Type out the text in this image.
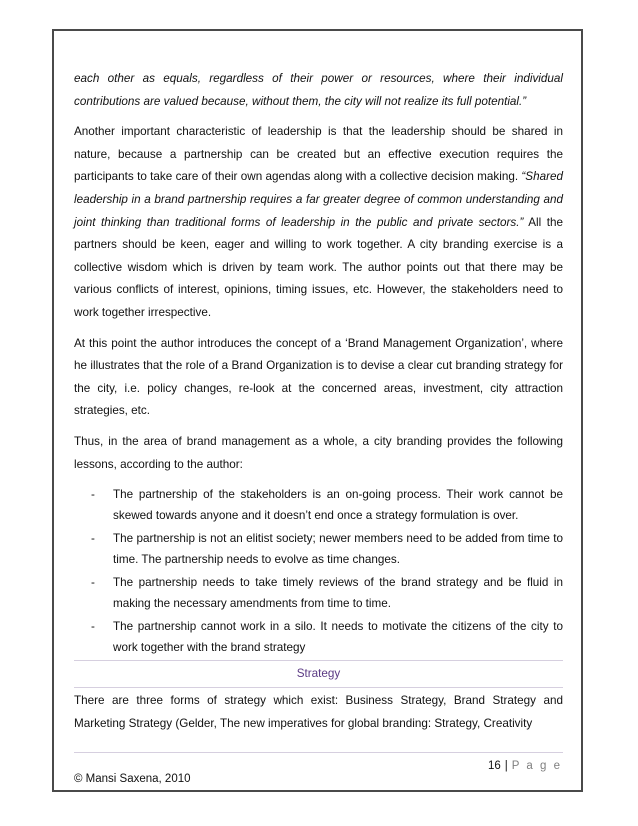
each other as equals, regardless of their power or resources, where their individual contributions are valued because, without them, the city will not realize its full potential.”

Another important characteristic of leadership is that the leadership should be shared in nature, because a partnership can be created but an effective execution requires the participants to take care of their own agendas along with a collective decision making. “Shared leadership in a brand partnership requires a far greater degree of common understanding and joint thinking than traditional forms of leadership in the public and private sectors.” All the partners should be keen, eager and willing to work together. A city branding exercise is a collective wisdom which is driven by team work. The author points out that there may be various conflicts of interest, opinions, timing issues, etc. However, the stakeholders need to work together irrespective.

At this point the author introduces the concept of a ‘Brand Management Organization’, where he illustrates that the role of a Brand Organization is to devise a clear cut branding strategy for the city, i.e. policy changes, re-look at the concerned areas, investment, city attraction strategies, etc.

Thus, in the area of brand management as a whole, a city branding provides the following lessons, according to the author:

- The partnership of the stakeholders is an on-going process. Their work cannot be skewed towards anyone and it doesn’t end once a strategy formulation is over.
- The partnership is not an elitist society; newer members need to be added from time to time. The partnership needs to evolve as time changes.
- The partnership needs to take timely reviews of the brand strategy and be fluid in making the necessary amendments from time to time.
- The partnership cannot work in a silo. It needs to motivate the citizens of the city to work together with the brand strategy
Strategy

There are three forms of strategy which exist: Business Strategy, Brand Strategy and Marketing Strategy (Gelder, The new imperatives for global branding: Strategy, Creativity

16 | P a g e
© Mansi Saxena, 2010
